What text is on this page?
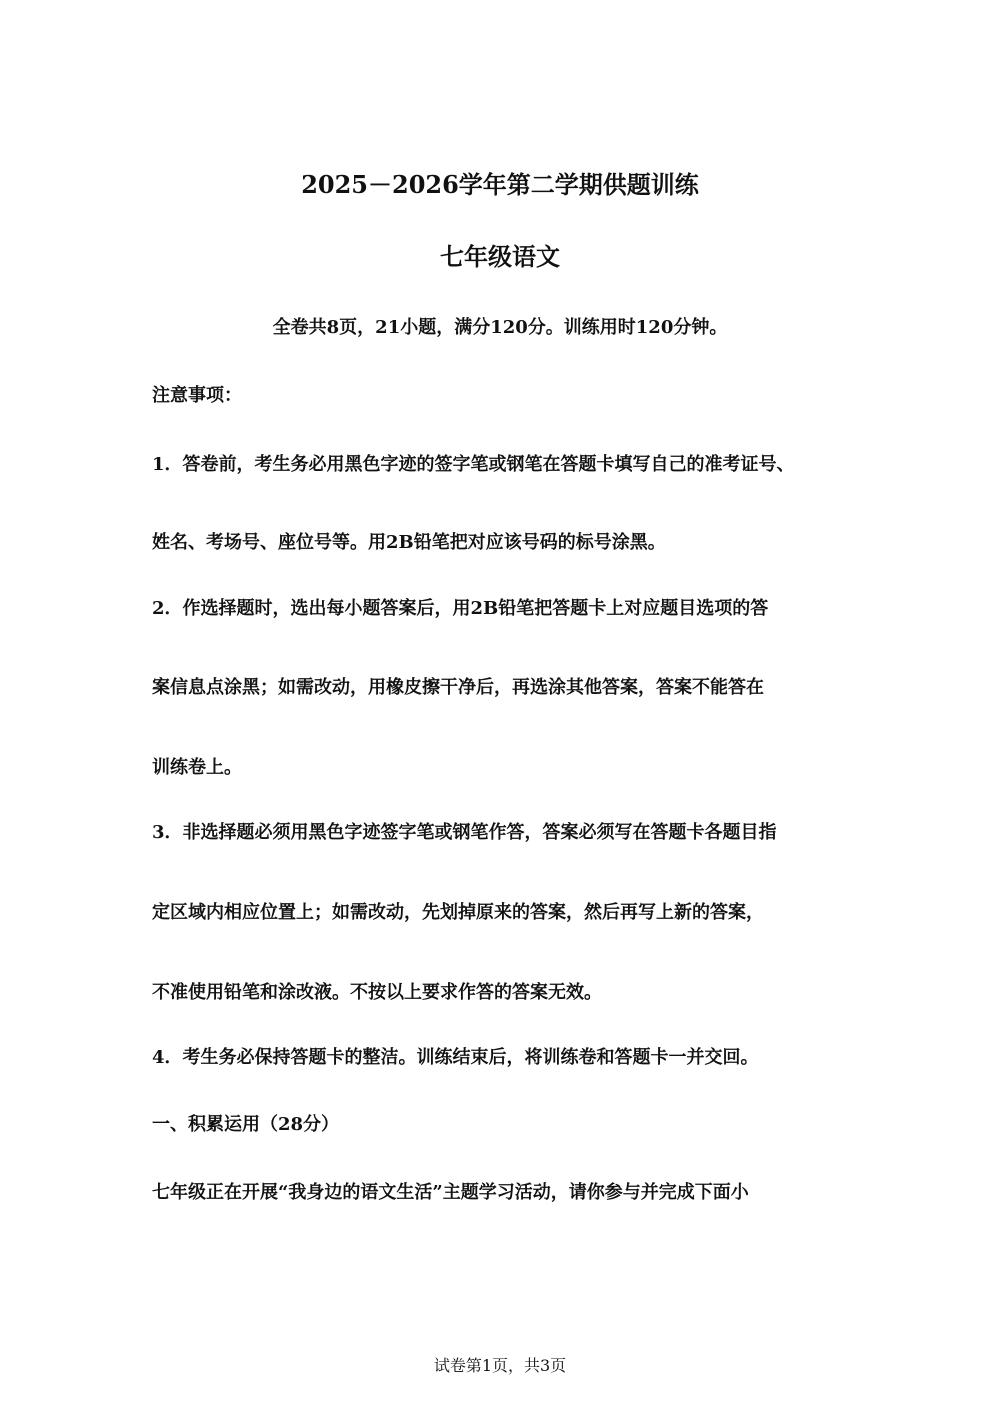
2025－2026学年第二学期供题训练
七年级语文

全卷共8页，21小题，满分120分。训练用时120分钟。

注意事项：

1．答卷前，考生务必用黑色字迹的签字笔或钢笔在答题卡填写自己的准考证号、

姓名、考场号、座位号等。用2B铅笔把对应该号码的标号涂黑。

2．作选择题时，选出每小题答案后，用2B铅笔把答题卡上对应题目选项的答

案信息点涂黑；如需改动，用橡皮擦干净后，再选涂其他答案，答案不能答在

训练卷上。

3．非选择题必须用黑色字迹签字笔或钢笔作答，答案必须写在答题卡各题目指

定区域内相应位置上；如需改动，先划掉原来的答案，然后再写上新的答案，

不准使用铅笔和涂改液。不按以上要求作答的答案无效。

4．考生务必保持答题卡的整洁。训练结束后，将训练卷和答题卡一并交回。

一、积累运用（28分）

七年级正在开展“我身边的语文生活”主题学习活动，请你参与并完成下面小

试卷第1页，共3页
